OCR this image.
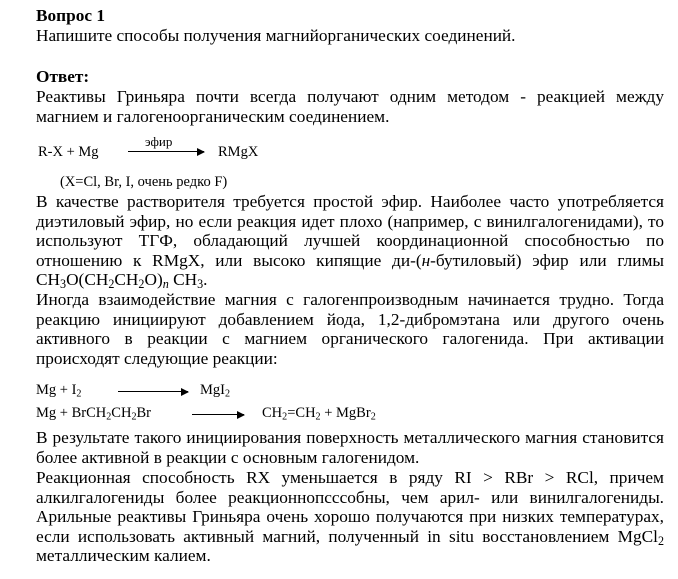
Вопрос 1
Напишите способы получения магнийорганических соединений.
Ответ:
Реактивы Гриньяра почти всегда получают одним методом - реакцией между магнием и галогеноорганическим соединением.
R-X + Mg
эфир
RMgX
(X=Cl, Br, I, очень редко F)
В качестве растворителя требуется простой эфир. Наиболее часто употребляется диэтиловый эфир, но если реакция идет плохо (например, с винилгалогенидами), то используют ТГФ, обладающий лучшей координационной способностью по отношению к RMgX, или высоко кипящие ди-(н-бутиловый) эфир или глимы $CH_3O(CH_2CH_2O)_n$ $CH_3$.
Иногда взаимодействие магния с галогенпроизводным начинается трудно. Тогда реакцию инициируют добавлением йода, 1,2-дибромэтана или другого очень активного в реакции с магнием органического галогенида. При активации происходят следующие реакции:
$Mg + I_2$	MgI$_2$
$Mg + BrCH_2CH_2Br \to CH_2=CH_2$ + MgBr$_2$
В результате такого инициирования поверхность металлического магния становится более активной в реакции с основным галогенидом.
Реакционная способность RX уменьшается в ряду RI > RBr > RCl, причем алкилгалогениды более реакционнопсссобны, чем арил- или винилгалогениды. Арильные реактивы Гриньяра очень хорошо получаются при низких температурах, если использовать активный магний, полученный in situ восстановлением MgCl$_2$ металлическим калием.
